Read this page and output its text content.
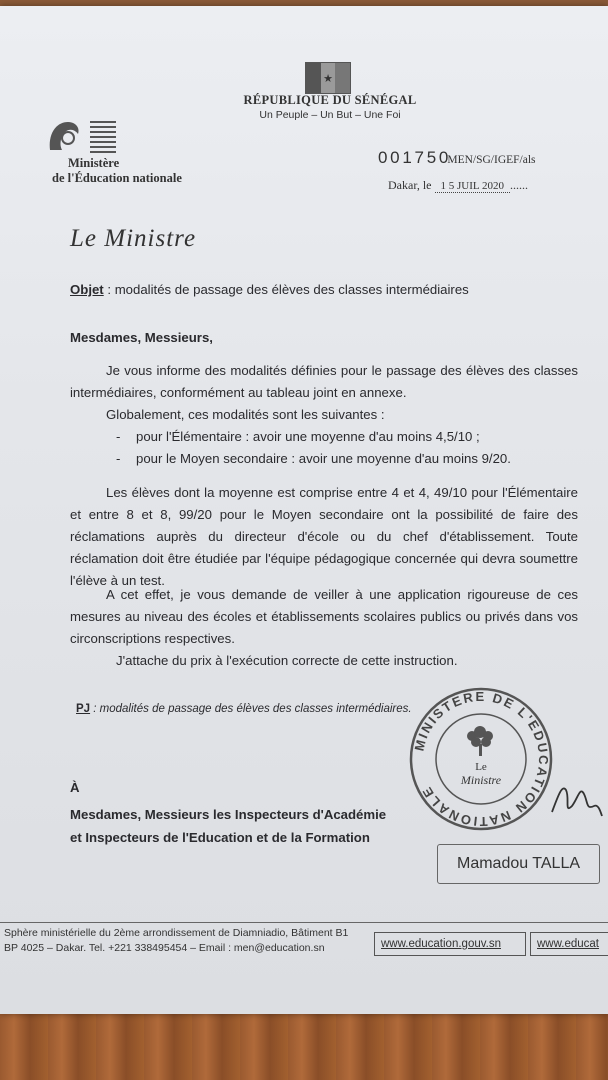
★
RÉPUBLIQUE DU SÉNÉGAL
Un Peuple – Un But – Une Foi
Ministère
de l'Éducation nationale
0 0 1 7 5 0MEN/SG/IGEF/als
Dakar, le 1 5 JUIL 2020 ......
Le Ministre
Objet : modalités de passage des élèves des classes intermédiaires
Mesdames, Messieurs,
Je vous informe des modalités définies pour le passage des élèves des classes intermédiaires, conformément au tableau joint en annexe.
Globalement, ces modalités sont les suivantes :
- pour l'Élémentaire : avoir une moyenne d'au moins 4,5/10 ;
- pour le Moyen secondaire : avoir une moyenne d'au moins 9/20.
Les élèves dont la moyenne est comprise entre 4 et 4, 49/10 pour l'Élémentaire et entre 8 et 8, 99/20 pour le Moyen secondaire ont la possibilité de faire des réclamations auprès du directeur d'école ou du chef d'établissement. Toute réclamation doit être étudiée par l'équipe pédagogique concernée qui devra soumettre l'élève à un test.
A cet effet, je vous demande de veiller à une application rigoureuse de ces mesures au niveau des écoles et établissements scolaires publics ou privés dans vos circonscriptions respectives.
J'attache du prix à l'exécution correcte de cette instruction.
PJ : modalités de passage des élèves des classes intermédiaires.
À
Mesdames, Messieurs les Inspecteurs d'Académie
et Inspecteurs de l'Education et de la Formation
MINISTERE DE L'EDUCATION NATIONALE
Le
Ministre
Mamadou TALLA
Sphère ministérielle du 2ème arrondissement de Diamniadio, Bâtiment B1
BP 4025 – Dakar. Tel. +221 338495454 – Email : men@education.sn	www.education.gouv.sn	www.educat
